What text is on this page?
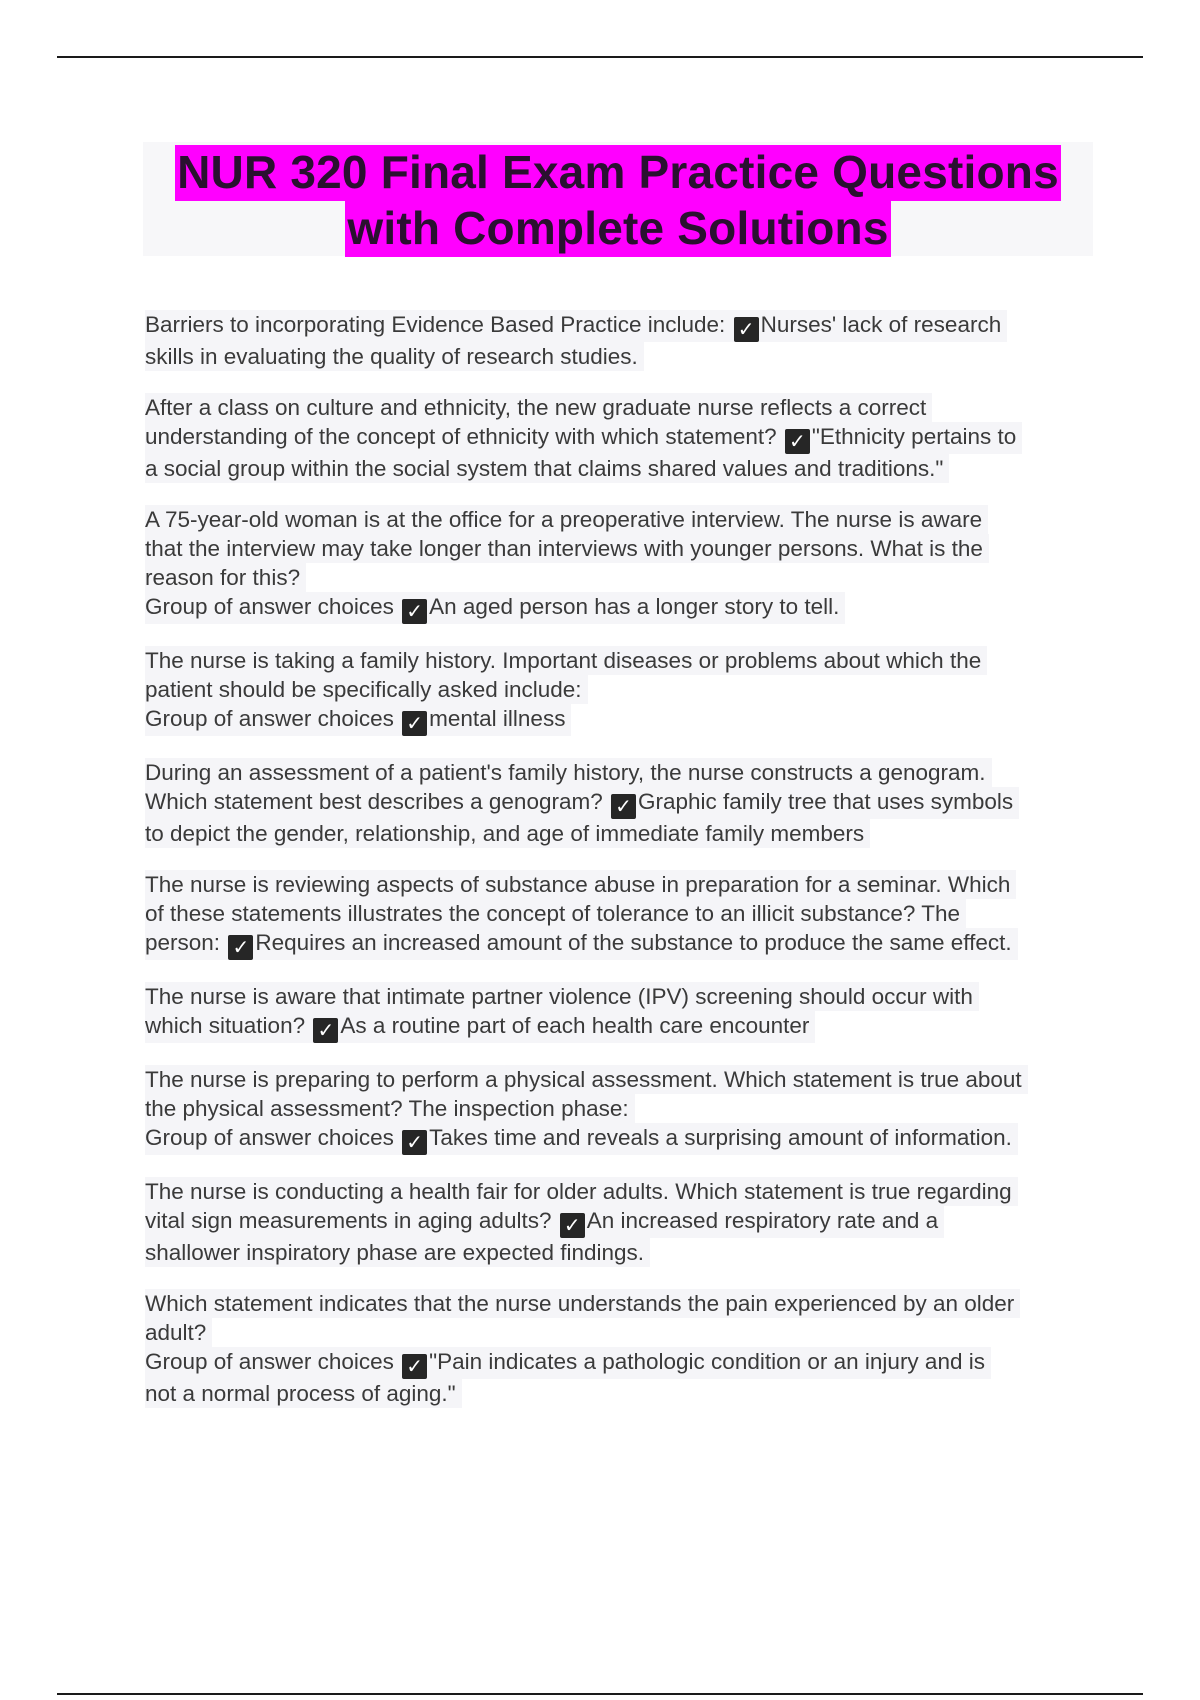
NUR 320 Final Exam Practice Questions
with Complete Solutions
Barriers to incorporating Evidence Based Practice include: ✓ Nurses' lack of research
skills in evaluating the quality of research studies.
After a class on culture and ethnicity, the new graduate nurse reflects a correct
understanding of the concept of ethnicity with which statement? ✓ "Ethnicity pertains to
a social group within the social system that claims shared values and traditions."
A 75-year-old woman is at the office for a preoperative interview. The nurse is aware
that the interview may take longer than interviews with younger persons. What is the
reason for this?
Group of answer choices ✓ An aged person has a longer story to tell.
The nurse is taking a family history. Important diseases or problems about which the
patient should be specifically asked include:
Group of answer choices ✓ mental illness
During an assessment of a patient's family history, the nurse constructs a genogram.
Which statement best describes a genogram? ✓ Graphic family tree that uses symbols
to depict the gender, relationship, and age of immediate family members
The nurse is reviewing aspects of substance abuse in preparation for a seminar. Which
of these statements illustrates the concept of tolerance to an illicit substance? The
person: ✓ Requires an increased amount of the substance to produce the same effect.
The nurse is aware that intimate partner violence (IPV) screening should occur with
which situation? ✓ As a routine part of each health care encounter
The nurse is preparing to perform a physical assessment. Which statement is true about
the physical assessment? The inspection phase:
Group of answer choices ✓ Takes time and reveals a surprising amount of information.
The nurse is conducting a health fair for older adults. Which statement is true regarding
vital sign measurements in aging adults? ✓ An increased respiratory rate and a
shallower inspiratory phase are expected findings.
Which statement indicates that the nurse understands the pain experienced by an older
adult?
Group of answer choices ✓ "Pain indicates a pathologic condition or an injury and is
not a normal process of aging."
